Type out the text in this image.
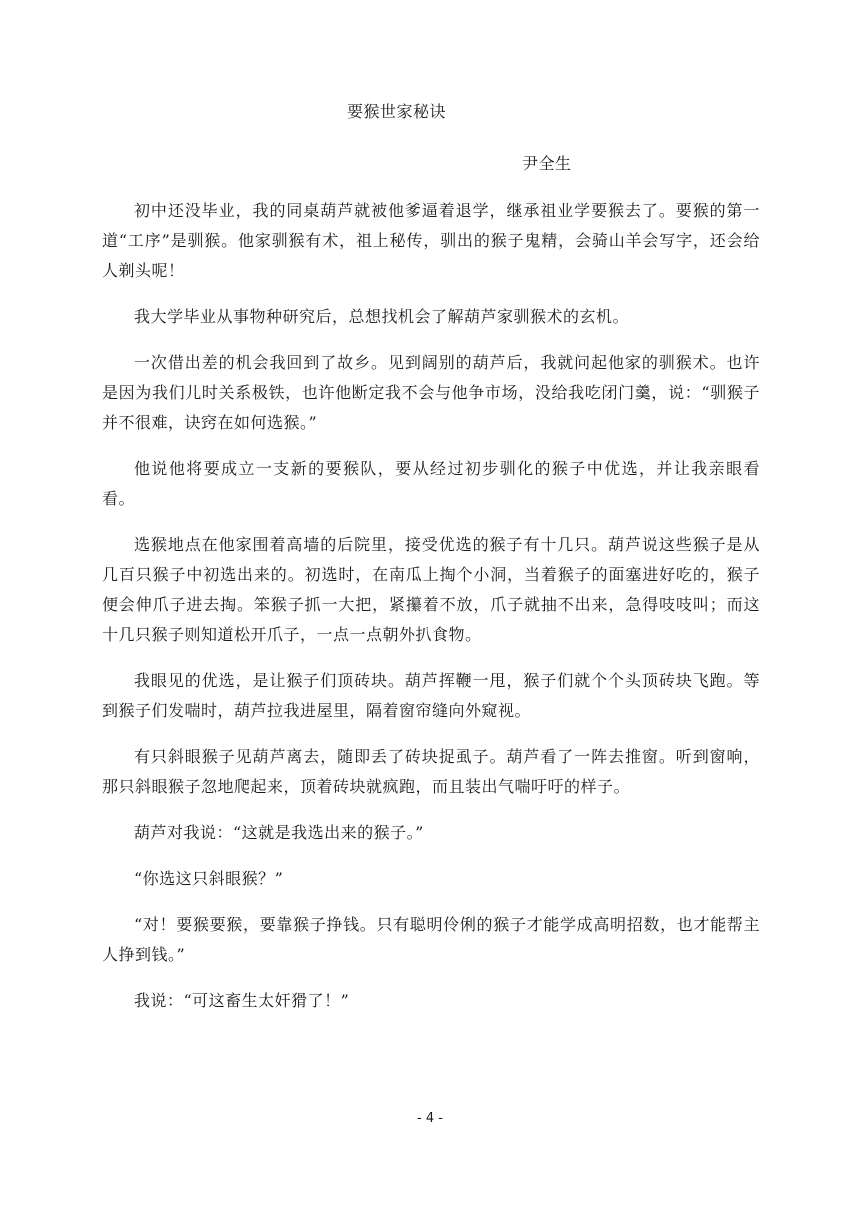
要猴世家秘诀
尹全生

初中还没毕业，我的同桌葫芦就被他爹逼着退学，继承祖业学要猴去了。要猴的第一道“工序”是驯猴。他家驯猴有术，祖上秘传，驯出的猴子鬼精，会骑山羊会写字，还会给人剃头呢！

我大学毕业从事物种研究后，总想找机会了解葫芦家驯猴术的玄机。

一次借出差的机会我回到了故乡。见到阔别的葫芦后，我就问起他家的驯猴术。也许是因为我们儿时关系极铁，也许他断定我不会与他争市场，没给我吃闭门羹，说：“驯猴子并不很难，诀窍在如何选猴。”

他说他将要成立一支新的要猴队，要从经过初步驯化的猴子中优选，并让我亲眼看看。

选猴地点在他家围着高墙的后院里，接受优选的猴子有十几只。葫芦说这些猴子是从几百只猴子中初选出来的。初选时，在南瓜上掏个小洞，当着猴子的面塞进好吃的，猴子便会伸爪子进去掏。笨猴子抓一大把，紧攥着不放，爪子就抽不出来，急得吱吱叫；而这十几只猴子则知道松开爪子，一点一点朝外扒食物。

我眼见的优选，是让猴子们顶砖块。葫芦挥鞭一甩，猴子们就个个头顶砖块飞跑。等到猴子们发喘时，葫芦拉我进屋里，隔着窗帘缝向外窥视。

有只斜眼猴子见葫芦离去，随即丢了砖块捉虱子。葫芦看了一阵去推窗。听到窗响，那只斜眼猴子忽地爬起来，顶着砖块就疯跑，而且装出气喘吁吁的样子。

葫芦对我说：“这就是我选出来的猴子。”

“你选这只斜眼猴？”

“对！要猴要猴，要靠猴子挣钱。只有聪明伶俐的猴子才能学成高明招数，也才能帮主人挣到钱。”

我说：“可这畜生太奸猾了！”

- 4 -
